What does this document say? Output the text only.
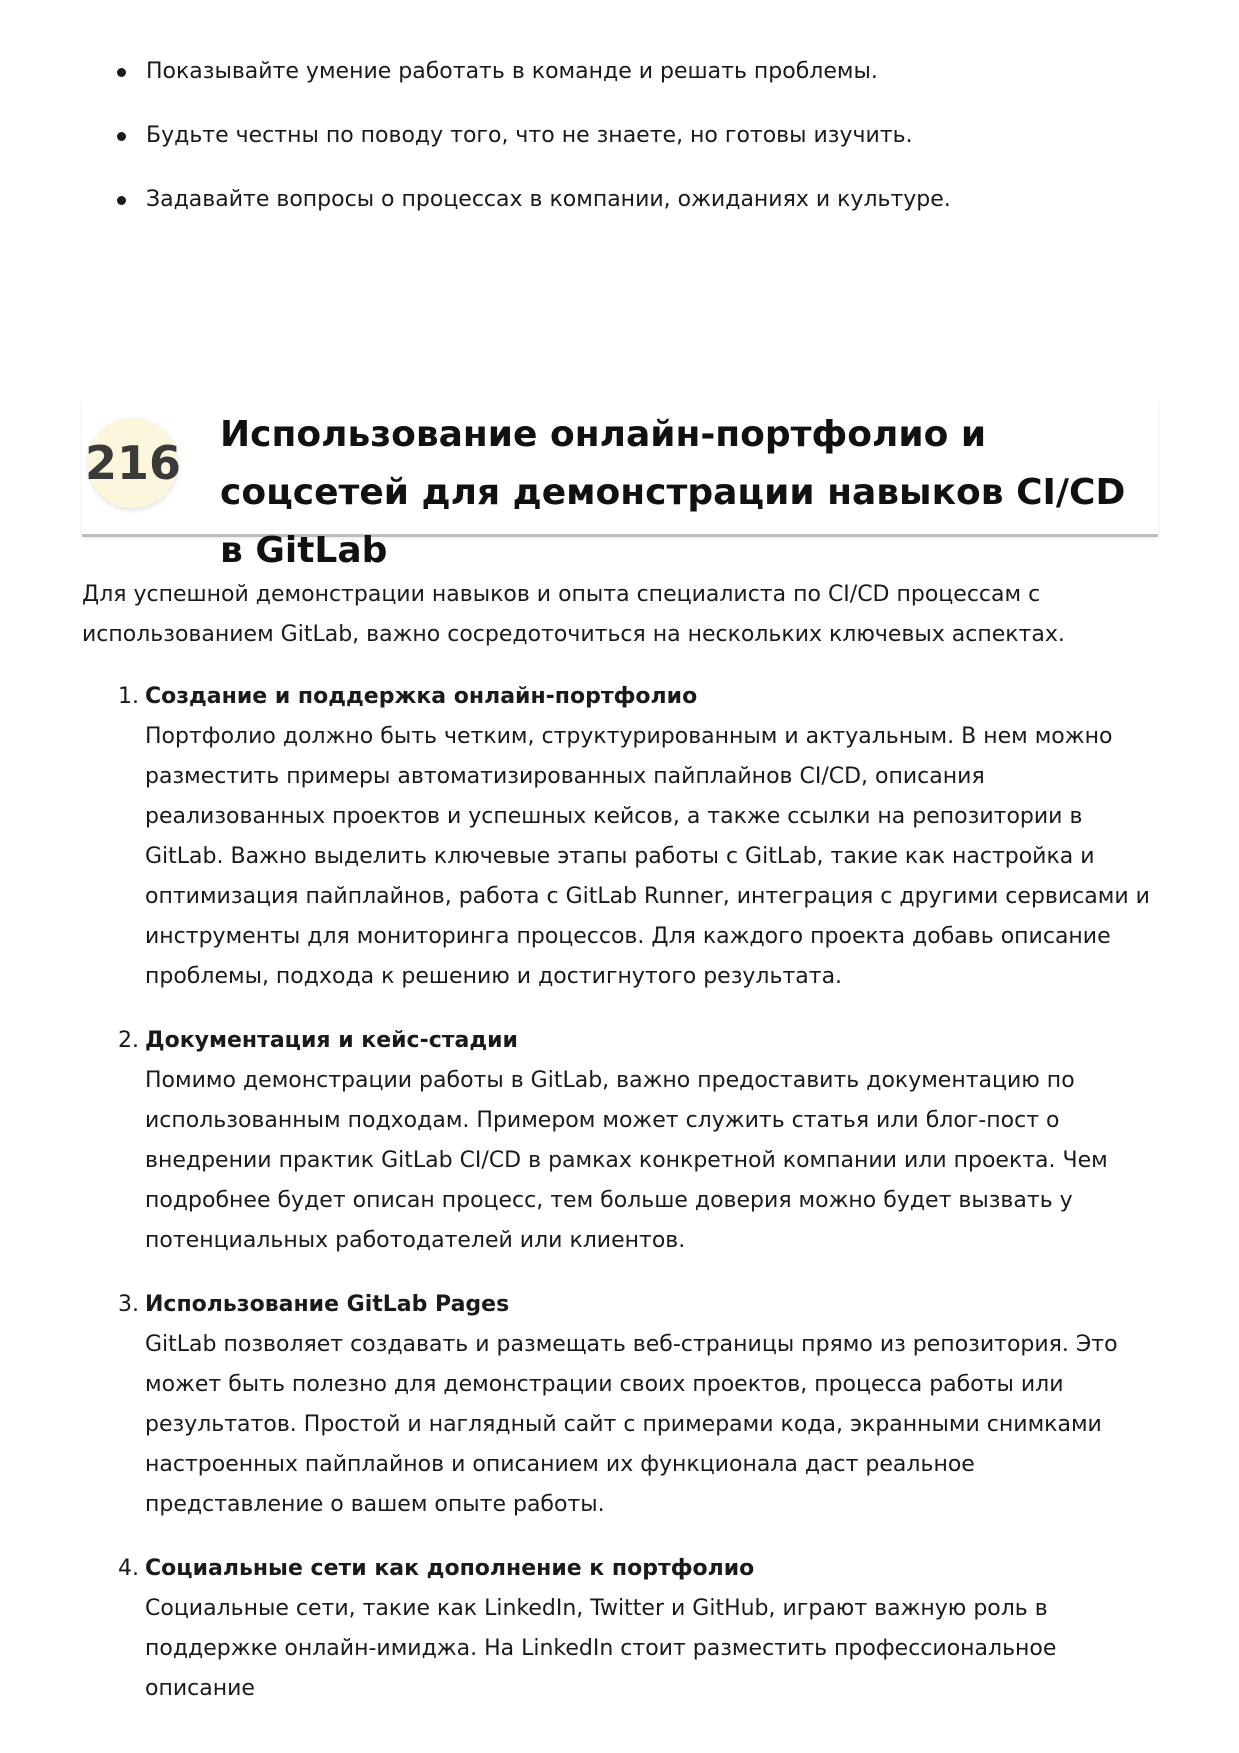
Показывайте умение работать в команде и решать проблемы.
Будьте честны по поводу того, что не знаете, но готовы изучить.
Задавайте вопросы о процессах в компании, ожиданиях и культуре.
216
Использование онлайн-портфолио и соцсетей для демонстрации навыков CI/CD в GitLab

Для успешной демонстрации навыков и опыта специалиста по CI/CD процессам с использованием GitLab, важно сосредоточиться на нескольких ключевых аспектах.

1. Создание и поддержка онлайн-портфолио

Портфолио должно быть четким, структурированным и актуальным. В нем можно разместить примеры автоматизированных пайплайнов CI/CD, описания реализованных проектов и успешных кейсов, а также ссылки на репозитории в GitLab. Важно выделить ключевые этапы работы с GitLab, такие как настройка и оптимизация пайплайнов, работа с GitLab Runner, интеграция с другими сервисами и инструменты для мониторинга процессов. Для каждого проекта добавь описание проблемы, подхода к решению и достигнутого результата.

2. Документация и кейс-стадии

Помимо демонстрации работы в GitLab, важно предоставить документацию по использованным подходам. Примером может служить статья или блог-пост о внедрении практик GitLab CI/CD в рамках конкретной компании или проекта. Чем подробнее будет описан процесс, тем больше доверия можно будет вызвать у потенциальных работодателей или клиентов.

3. Использование GitLab Pages

GitLab позволяет создавать и размещать веб-страницы прямо из репозитория. Это может быть полезно для демонстрации своих проектов, процесса работы или результатов. Простой и наглядный сайт с примерами кода, экранными снимками настроенных пайплайнов и описанием их функционала даст реальное представление о вашем опыте работы.

4. Социальные сети как дополнение к портфолио

Социальные сети, такие как LinkedIn, Twitter и GitHub, играют важную роль в поддержке онлайн-имиджа. На LinkedIn стоит разместить профессиональное описание
